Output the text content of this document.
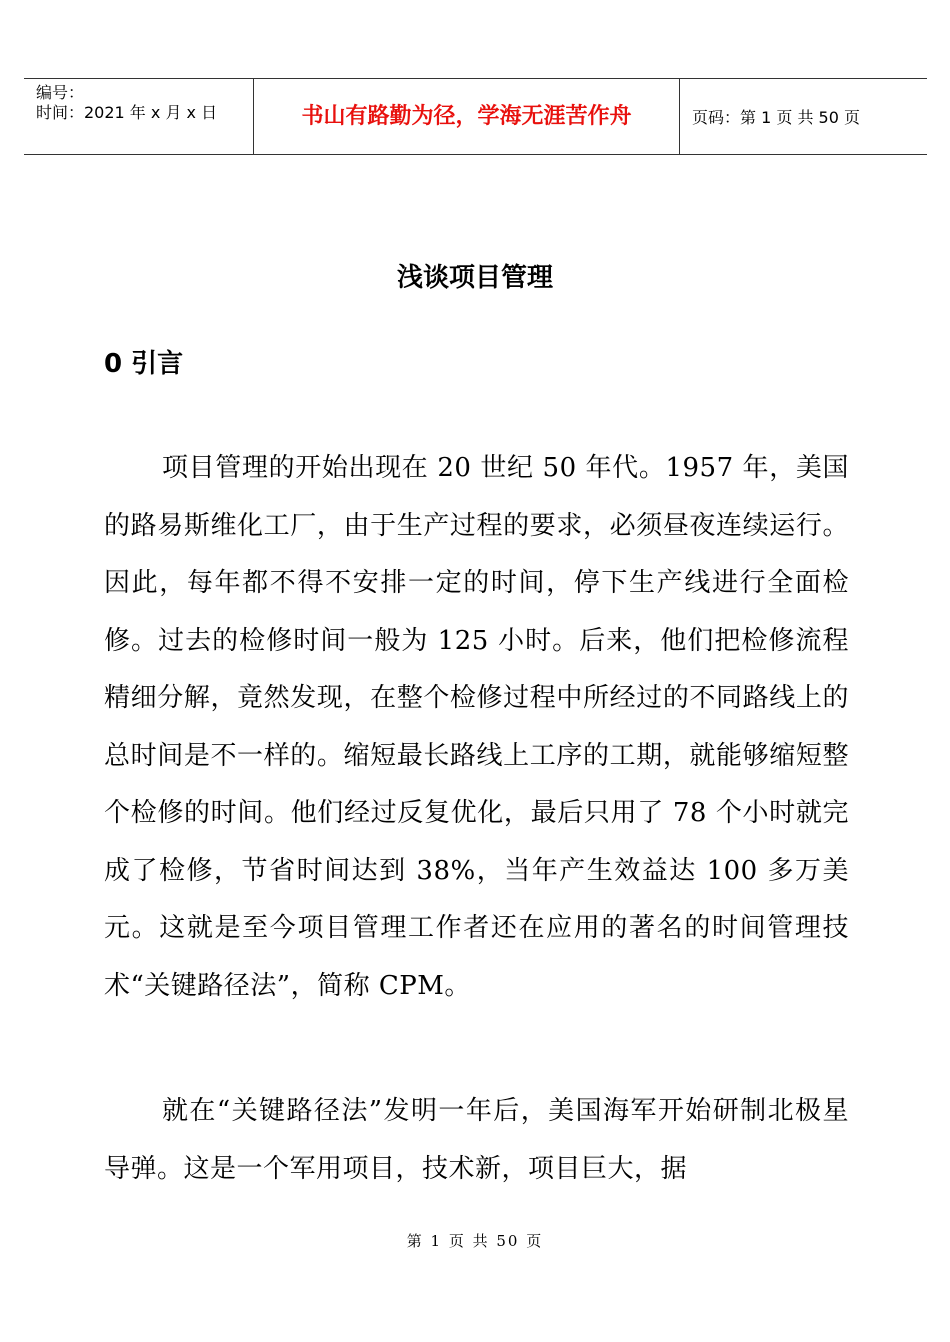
编号：
时间：2021 年 x 月 x 日	书山有路勤为径，学海无涯苦作舟	页码：第 1 页 共 50 页
浅谈项目管理
0 引言

项目管理的开始出现在 20 世纪 50 年代。1957 年，美国的路易斯维化工厂，由于生产过程的要求，必须昼夜连续运行。因此，每年都不得不安排一定的时间，停下生产线进行全面检修。过去的检修时间一般为 125 小时。后来，他们把检修流程精细分解，竟然发现，在整个检修过程中所经过的不同路线上的总时间是不一样的。缩短最长路线上工序的工期，就能够缩短整个检修的时间。他们经过反复优化，最后只用了 78 个小时就完成了检修，节省时间达到 38%，当年产生效益达 100 多万美元。这就是至今项目管理工作者还在应用的著名的时间管理技术“关键路径法”，简称 CPM。

就在“关键路径法”发明一年后，美国海军开始研制北极星导弹。这是一个军用项目，技术新，项目巨大，据

第 1 页 共 50 页
